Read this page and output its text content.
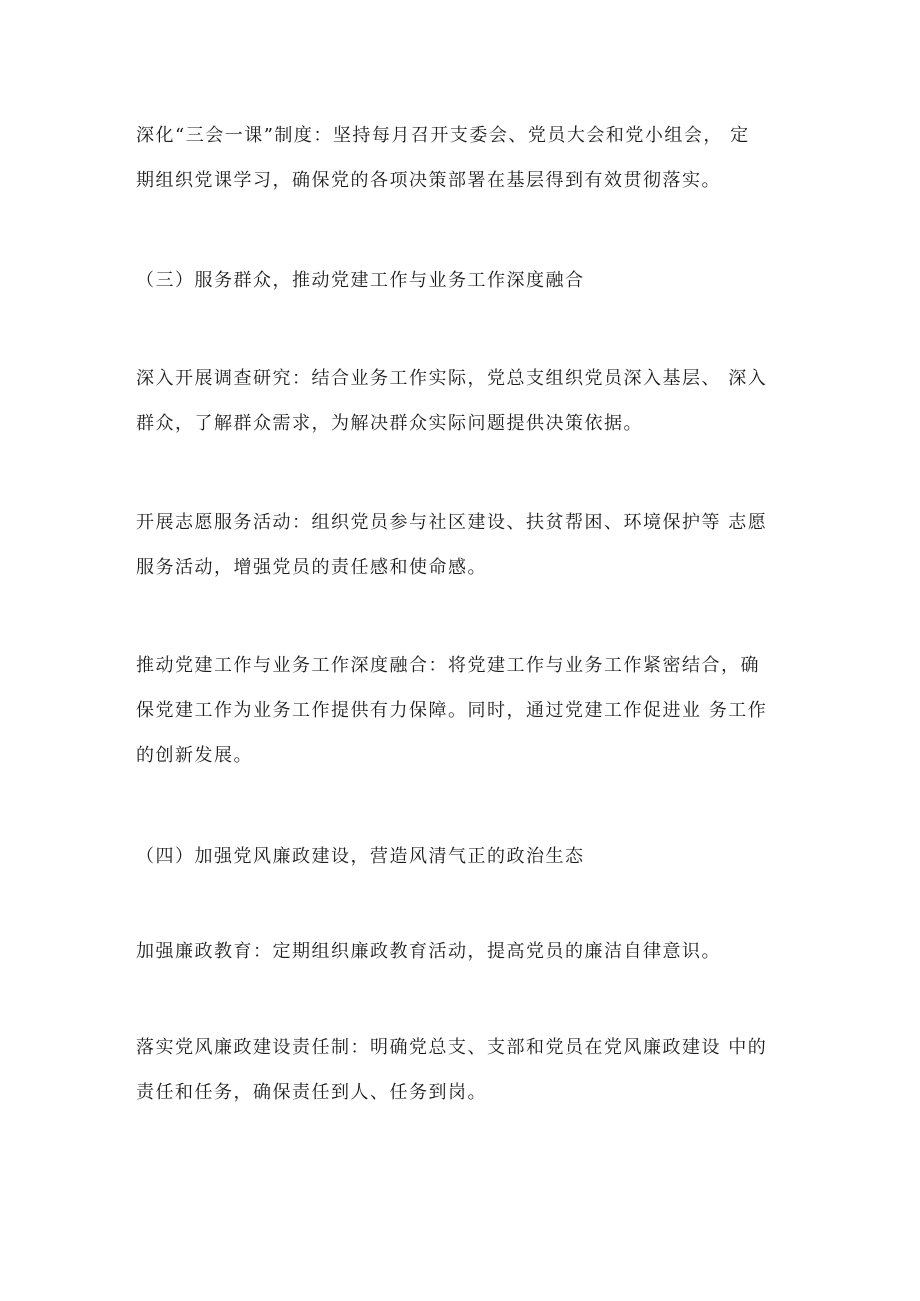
深化“三会一课”制度：坚持每月召开支委会、党员大会和党小组会， 定
期组织党课学习，确保党的各项决策部署在基层得到有效贯彻落实。

（三）服务群众，推动党建工作与业务工作深度融合

深入开展调查研究：结合业务工作实际，党总支组织党员深入基层、 深入
群众，了解群众需求，为解决群众实际问题提供决策依据。

开展志愿服务活动：组织党员参与社区建设、扶贫帮困、环境保护等 志愿
服务活动，增强党员的责任感和使命感。

推动党建工作与业务工作深度融合：将党建工作与业务工作紧密结合，确
保党建工作为业务工作提供有力保障。同时，通过党建工作促进业 务工作
的创新发展。

（四）加强党风廉政建设，营造风清气正的政治生态

加强廉政教育：定期组织廉政教育活动，提高党员的廉洁自律意识。

落实党风廉政建设责任制：明确党总支、支部和党员在党风廉政建设 中的
责任和任务，确保责任到人、任务到岗。
